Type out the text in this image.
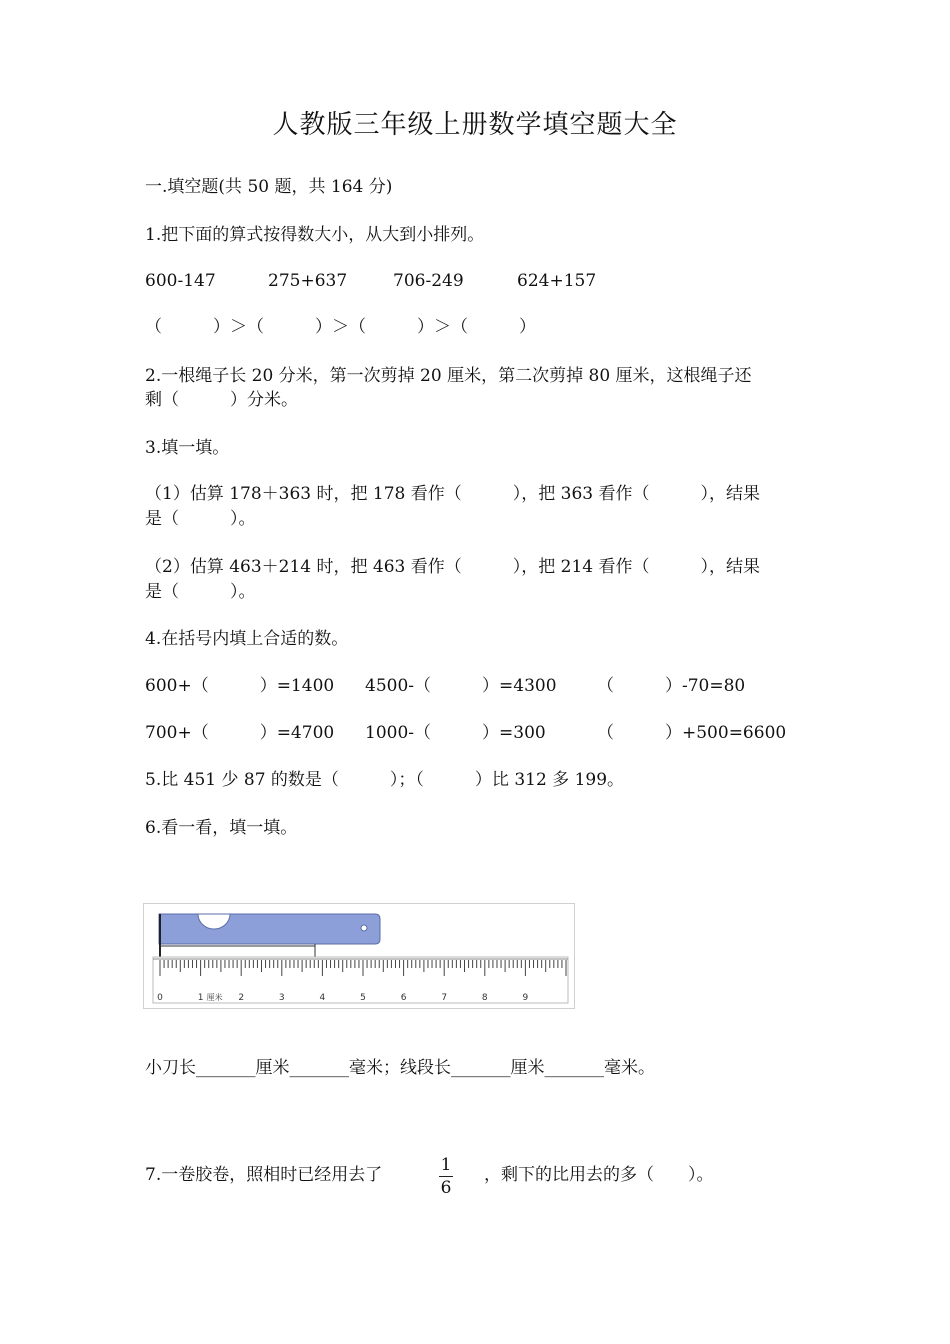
人教版三年级上册数学填空题大全
一.填空题(共 50 题，共 164 分)
1.把下面的算式按得数大小，从大到小排列。
600-147	275+637	706-249	624+157
（　　　）＞（　　　）＞（　　　）＞（　　　）
2.一根绳子长 20 分米，第一次剪掉 20 厘米，第二次剪掉 80 厘米，这根绳子还
剩（　　　）分米。
3.填一填。
（1）估算 178＋363 时，把 178 看作（　　　），把 363 看作（　　　），结果
是（　　　）。
（2）估算 463＋214 时，把 463 看作（　　　），把 214 看作（　　　），结果
是（　　　）。
4.在括号内填上合适的数。
600+（　　　）=1400 4500-（　　　）=4300 （　　　）-70=80
700+（　　　）=4700 1000-（　　　）=300	（　　　）+500=6600
5.比 451 少 87 的数是（　　　）；（　　　）比 312 多 199。
6.看一看，填一填。
0	1	2	3	4	5	6	7	8	9
厘米
小刀长_______厘米_______毫米；线段长_______厘米_______毫米。
7.一卷胶卷，照相时已经用去了	1
6
，剩下的比用去的多（　　）。
